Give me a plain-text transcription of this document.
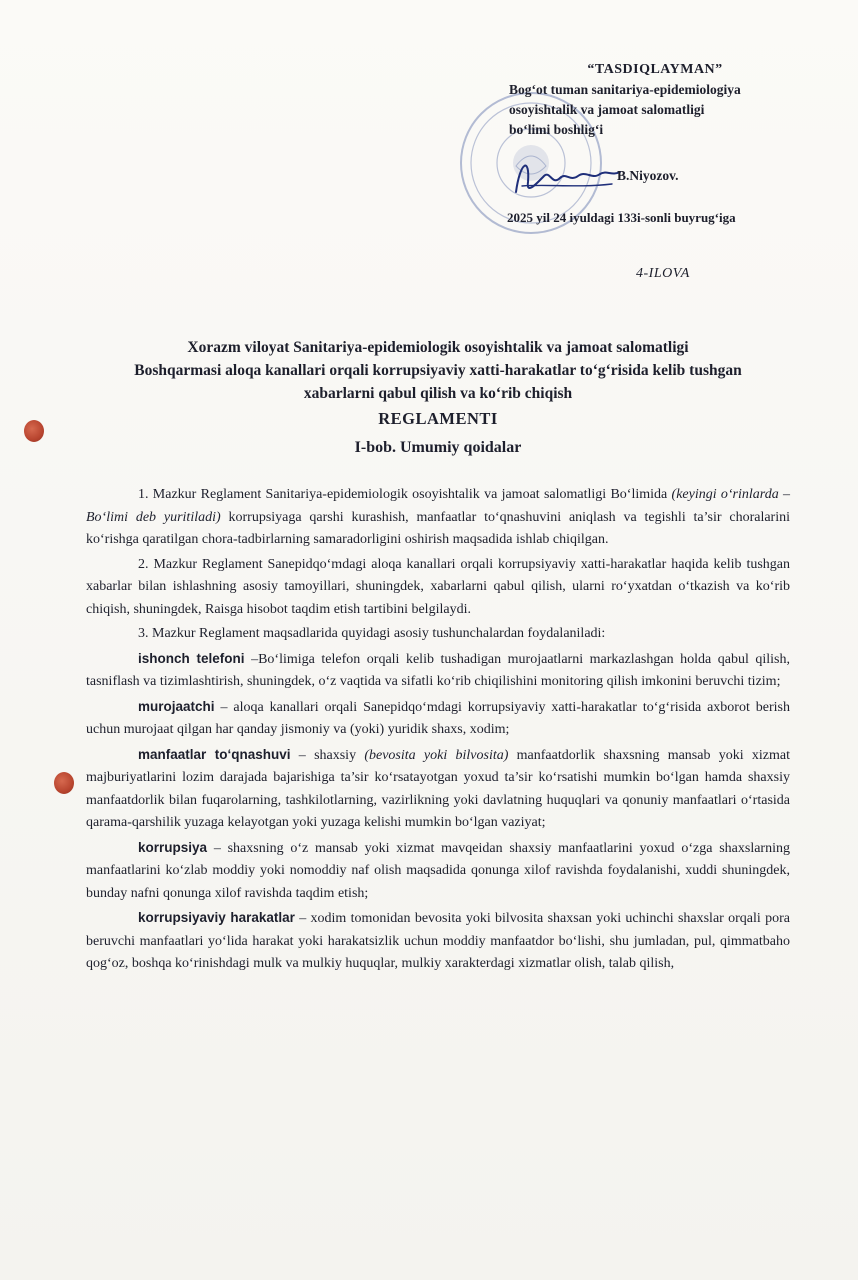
“TASDIQLAYMAN”
Bog‘ot tuman sanitariya-epidemiologiya
osoyishtalik va jamoat salomatligi
bo‘limi boshlig‘i
B.Niyozov.
2025 yil 24 iyuldagi 133i-sonli buyrug‘iga
4-ILOVA
Xorazm viloyat Sanitariya-epidemiologik osoyishtalik va jamoat salomatligi
Boshqarmasi aloqa kanallari orqali korrupsiyaviy xatti-harakatlar to‘g‘risida kelib tushgan
xabarlarni qabul qilish va ko‘rib chiqish
REGLAMENTI
I-bob. Umumiy qoidalar

1. Mazkur Reglament Sanitariya-epidemiologik osoyishtalik va jamoat salomatligi Bo‘limida (keyingi o‘rinlarda – Bo‘limi deb yuritiladi) korrupsiyaga qarshi kurashish, manfaatlar to‘qnashuvini aniqlash va tegishli ta’sir choralarini ko‘rishga qaratilgan chora-tadbirlarning samaradorligini oshirish maqsadida ishlab chiqilgan.

2. Mazkur Reglament Sanepidqo‘mdagi aloqa kanallari orqali korrupsiyaviy xatti-harakatlar haqida kelib tushgan xabarlar bilan ishlashning asosiy tamoyillari, shuningdek, xabarlarni qabul qilish, ularni ro‘yxatdan o‘tkazish va ko‘rib chiqish, shuningdek, Raisga hisobot taqdim etish tartibini belgilaydi.

3. Mazkur Reglament maqsadlarida quyidagi asosiy tushunchalardan foydalaniladi:

ishonch telefoni –Bo‘limiga telefon orqali kelib tushadigan murojaatlarni markazlashgan holda qabul qilish, tasniflash va tizimlashtirish, shuningdek, o‘z vaqtida va sifatli ko‘rib chiqilishini monitoring qilish imkonini beruvchi tizim;

murojaatchi – aloqa kanallari orqali Sanepidqo‘mdagi korrupsiyaviy xatti-harakatlar to‘g‘risida axborot berish uchun murojaat qilgan har qanday jismoniy va (yoki) yuridik shaxs, xodim;

manfaatlar to‘qnashuvi – shaxsiy (bevosita yoki bilvosita) manfaatdorlik shaxsning mansab yoki xizmat majburiyatlarini lozim darajada bajarishiga ta’sir ko‘rsatayotgan yoxud ta’sir ko‘rsatishi mumkin bo‘lgan hamda shaxsiy manfaatdorlik bilan fuqarolarning, tashkilotlarning, vazirlikning yoki davlatning huquqlari va qonuniy manfaatlari o‘rtasida qarama-qarshilik yuzaga kelayotgan yoki yuzaga kelishi mumkin bo‘lgan vaziyat;

korrupsiya – shaxsning o‘z mansab yoki xizmat mavqeidan shaxsiy manfaatlarini yoxud o‘zga shaxslarning manfaatlarini ko‘zlab moddiy yoki nomoddiy naf olish maqsadida qonunga xilof ravishda foydalanishi, xuddi shuningdek, bunday nafni qonunga xilof ravishda taqdim etish;

korrupsiyaviy harakatlar – xodim tomonidan bevosita yoki bilvosita shaxsan yoki uchinchi shaxslar orqali pora beruvchi manfaatlari yo‘lida harakat yoki harakatsizlik uchun moddiy manfaatdor bo‘lishi, shu jumladan, pul, qimmatbaho qog‘oz, boshqa ko‘rinishdagi mulk va mulkiy huquqlar, mulkiy xarakterdagi xizmatlar olish, talab qilish,
